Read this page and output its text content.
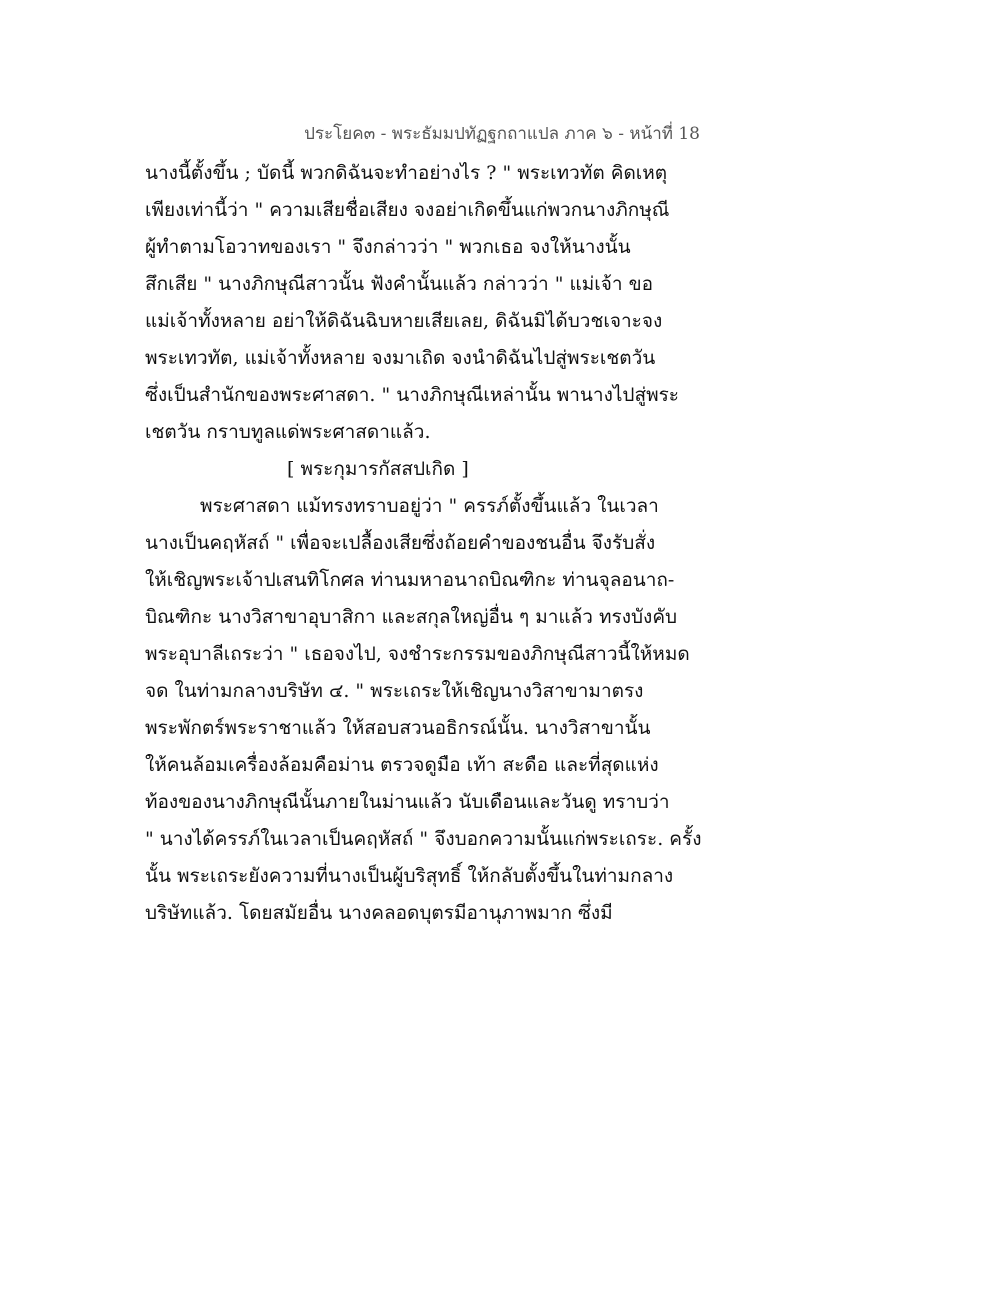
ประโยค๓ - พระธัมมปทัฏฐกถาแปล ภาค ๖ - หน้าที่ 18
นางนี้ตั้งขึ้น ; บัดนี้ พวกดิฉันจะทำอย่างไร ? " พระเทวทัต คิดเหตุ
เพียงเท่านี้ว่า " ความเสียชื่อเสียง จงอย่าเกิดขึ้นแก่พวกนางภิกษุณี
ผู้ทำตามโอวาทของเรา " จึงกล่าวว่า " พวกเธอ จงให้นางนั้น
สึกเสีย " นางภิกษุณีสาวนั้น ฟังคำนั้นแล้ว กล่าวว่า " แม่เจ้า ขอ
แม่เจ้าทั้งหลาย อย่าให้ดิฉันฉิบหายเสียเลย, ดิฉันมิได้บวชเจาะจง
พระเทวทัต, แม่เจ้าทั้งหลาย จงมาเถิด จงนำดิฉันไปสู่พระเชตวัน
ซึ่งเป็นสำนักของพระศาสดา. " นางภิกษุณีเหล่านั้น พานางไปสู่พระ
เชตวัน กราบทูลแด่พระศาสดาแล้ว.
[ พระกุมารกัสสปเกิด ]
พระศาสดา แม้ทรงทราบอยู่ว่า " ครรภ์ตั้งขึ้นแล้ว ในเวลา
นางเป็นคฤหัสถ์ " เพื่อจะเปลื้องเสียซึ่งถ้อยคำของชนอื่น จึงรับสั่ง
ให้เชิญพระเจ้าปเสนทิโกศล ท่านมหาอนาถบิณฑิกะ ท่านจุลอนาถ-
บิณฑิกะ นางวิสาขาอุบาสิกา และสกุลใหญ่อื่น ๆ มาแล้ว ทรงบังคับ
พระอุบาลีเถระว่า " เธอจงไป, จงชำระกรรมของภิกษุณีสาวนี้ให้หมด
จด ในท่ามกลางบริษัท ๔. " พระเถระให้เชิญนางวิสาขามาตรง
พระพักตร์พระราชาแล้ว ให้สอบสวนอธิกรณ์นั้น. นางวิสาขานั้น
ให้คนล้อมเครื่องล้อมคือม่าน ตรวจดูมือ เท้า สะดือ และที่สุดแห่ง
ท้องของนางภิกษุณีนั้นภายในม่านแล้ว นับเดือนและวันดู ทราบว่า
" นางได้ครรภ์ในเวลาเป็นคฤหัสถ์ " จึงบอกความนั้นแก่พระเถระ. ครั้ง
นั้น พระเถระยังความที่นางเป็นผู้บริสุทธิ์ ให้กลับตั้งขึ้นในท่ามกลาง
บริษัทแล้ว. โดยสมัยอื่น นางคลอดบุตรมีอานุภาพมาก ซึ่งมี
